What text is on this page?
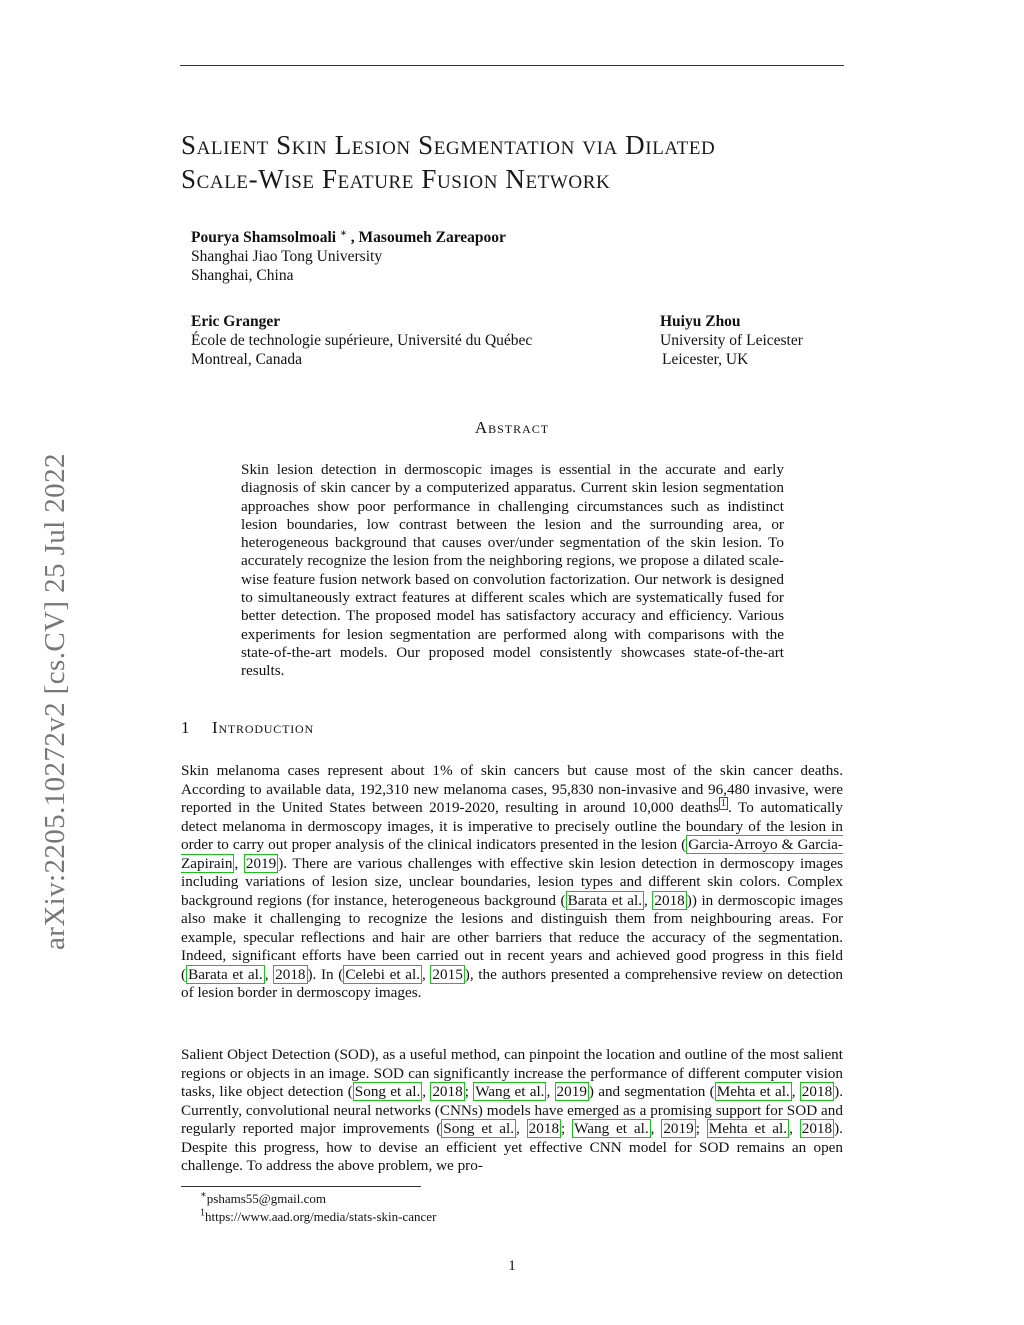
arXiv:2205.10272v2 [cs.CV] 25 Jul 2022
Salient Skin Lesion Segmentation via Dilated
Scale-Wise Feature Fusion Network
Pourya Shamsolmoali ∗ , Masoumeh Zareapoor
Shanghai Jiao Tong University
Shanghai, China
Eric Granger
École de technologie supérieure, Université du Québec
Montreal, Canada
Huiyu Zhou
University of Leicester
Leicester, UK
Abstract

Skin lesion detection in dermoscopic images is essential in the accurate and early diagnosis of skin cancer by a computerized apparatus. Current skin lesion segmentation approaches show poor performance in challenging circumstances such as indistinct lesion boundaries, low contrast between the lesion and the surrounding area, or heterogeneous background that causes over/under segmentation of the skin lesion. To accurately recognize the lesion from the neighboring regions, we propose a dilated scale-wise feature fusion network based on convolution factorization. Our network is designed to simultaneously extract features at different scales which are systematically fused for better detection. The proposed model has satisfactory accuracy and efficiency. Various experiments for lesion segmentation are performed along with comparisons with the state-of-the-art models. Our proposed model consistently showcases state-of-the-art results.

1 Introduction

Skin melanoma cases represent about 1% of skin cancers but cause most of the skin cancer deaths. According to available data, 192,310 new melanoma cases, 95,830 non-invasive and 96,480 invasive, were reported in the United States between 2019-2020, resulting in around 10,000 deaths $^1$ . To automatically detect melanoma in dermoscopy images, it is imperative to precisely outline the boundary of the lesion in order to carry out proper analysis of the clinical indicators presented in the lesion ( Garcia-Arroyo & Garcia-Zapirain , 2019 ). There are various challenges with effective skin lesion detection in dermoscopy images including variations of lesion size, unclear boundaries, lesion types and different skin colors. Complex background regions (for instance, heterogeneous background ( Barata et al. , 2018 )) in dermoscopic images also make it challenging to recognize the lesions and distinguish them from neighbouring areas. For example, specular reflections and hair are other barriers that reduce the accuracy of the segmentation. Indeed, significant efforts have been carried out in recent years and achieved good progress in this field ( Barata et al. , 2018 ). In ( Celebi et al. , 2015 ), the authors presented a comprehensive review on detection of lesion border in dermoscopy images.

Salient Object Detection (SOD), as a useful method, can pinpoint the location and outline of the most salient regions or objects in an image. SOD can significantly increase the performance of different computer vision tasks, like object detection ( Song et al. , 2018 ; Wang et al. , 2019 ) and segmentation ( Mehta et al. , 2018 ). Currently, convolutional neural networks (CNNs) models have emerged as a promising support for SOD and regularly reported major improvements ( Song et al. , 2018 ; Wang et al. , 2019 ; Mehta et al. , 2018 ). Despite this progress, how to devise an efficient yet effective CNN model for SOD remains an open challenge. To address the above problem, we pro-

∗pshams55@gmail.com
$^1$https://www.aad.org/media/stats-skin-cancer
1
